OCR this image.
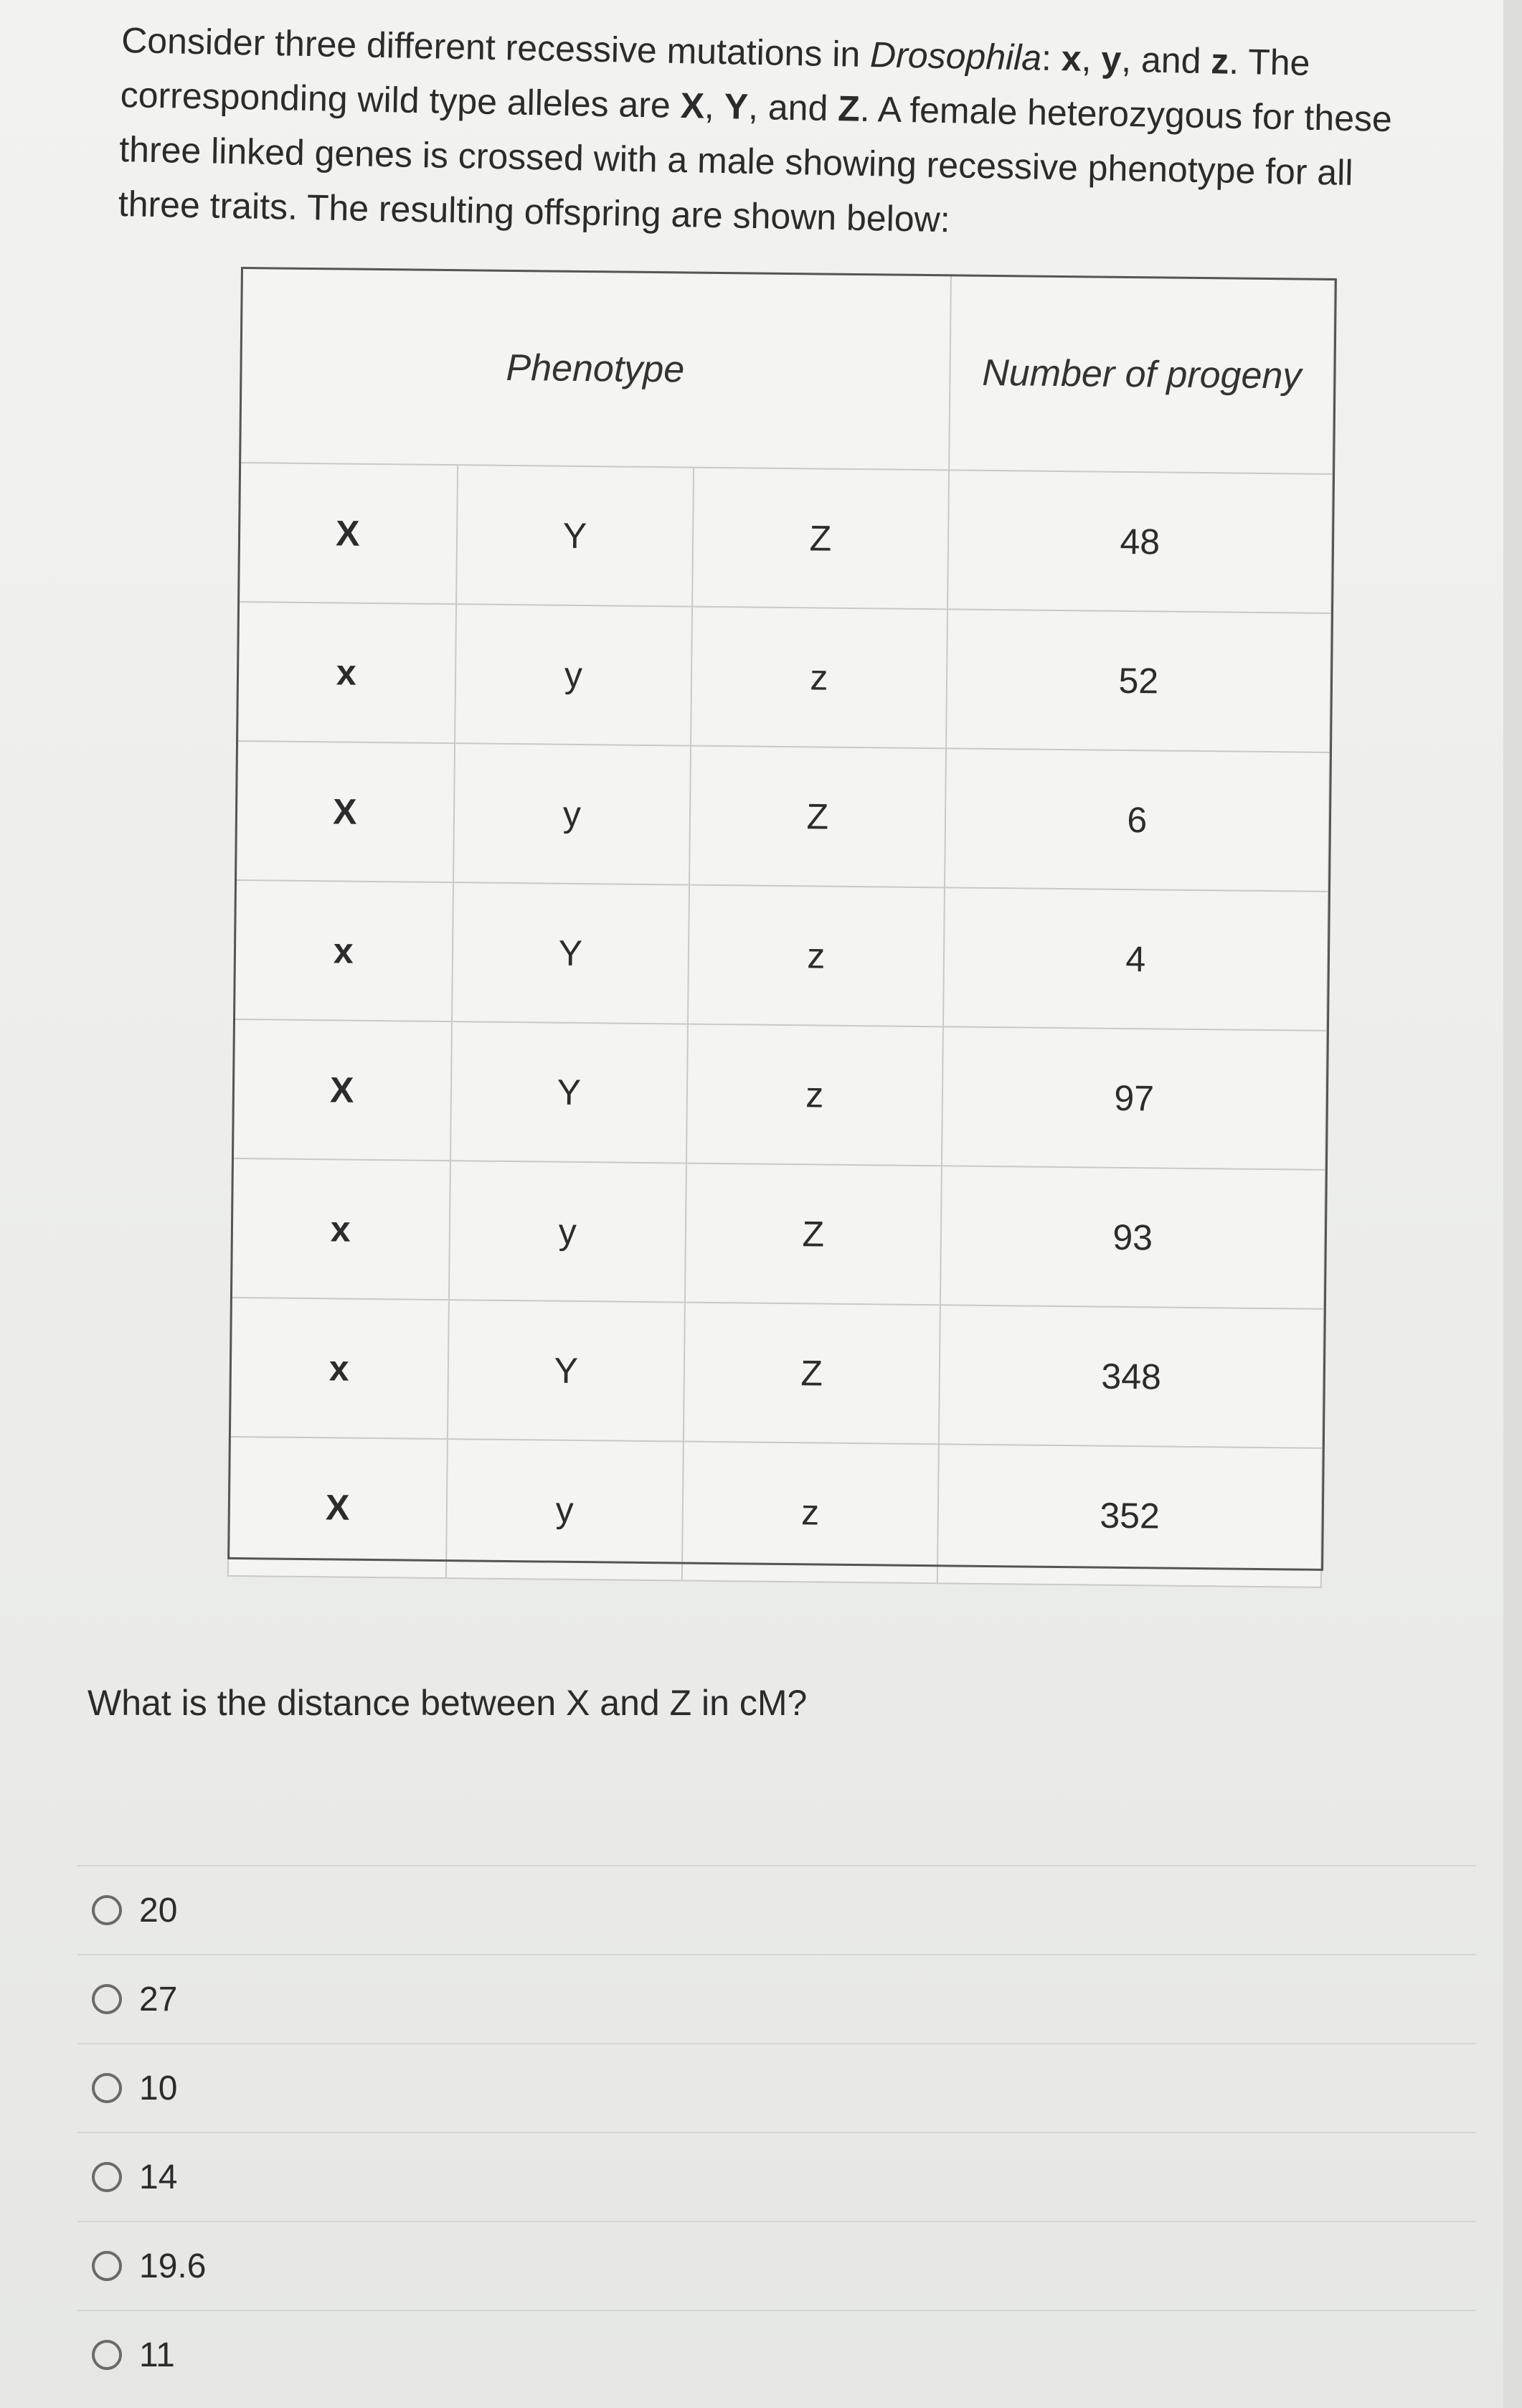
Consider three different recessive mutations in Drosophila: x, y, and z. The corresponding wild type alleles are X, Y, and Z. A female heterozygous for these three linked genes is crossed with a male showing recessive phenotype for all three traits. The resulting offspring are shown below:

Phenotype			Number of progeny
X	Y	Z	48
x	y	z	52
X	y	Z	6
x	Y	z	4
X	Y	z	97
x	y	Z	93
x	Y	Z	348
X	y	z	352
What is the distance between X and Z in cM?
20
27
10
14
19.6
11
